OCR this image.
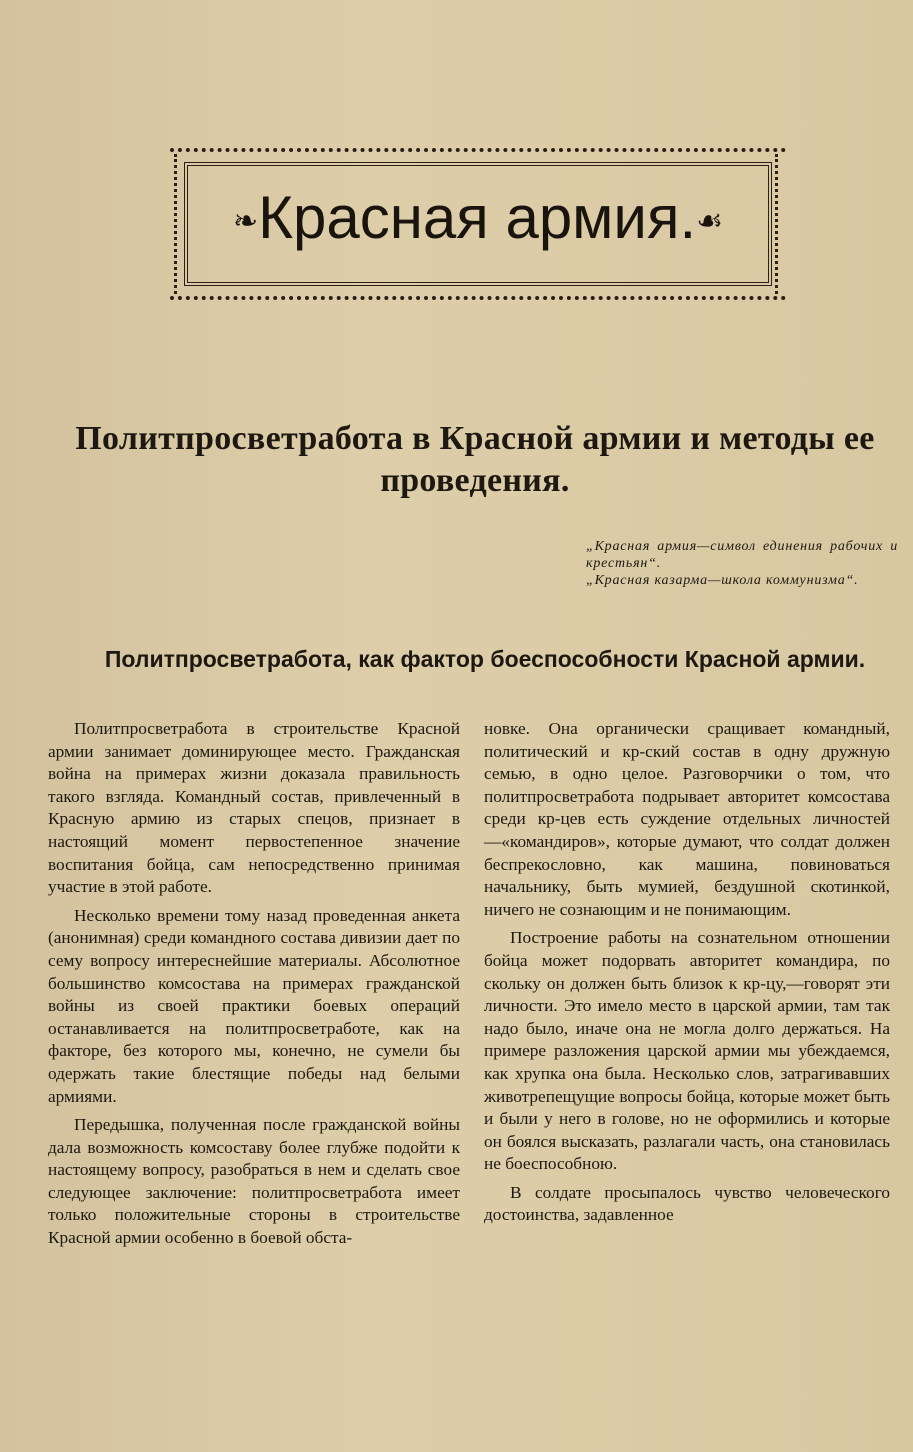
❧Красная армия.☙
Политпросветработа в Красной армии и методы ее проведения.

„Красная армия—символ единения рабочих и крестьян“.

„Красная казарма—школа коммунизма“.

Политпросветработа, как фактор боеспособности Красной армии.

Политпросветработа в строительстве Красной армии занимает доминирующее место. Гражданская война на примерах жизни доказала правильность такого взгляда. Командный состав, привлеченный в Красную армию из старых спецов, признает в настоящий момент первостепенное значение воспитания бойца, сам непосредственно принимая участие в этой работе.

Несколько времени тому назад проведенная анкета (анонимная) среди командного состава дивизии дает по сему вопросу интереснейшие материалы. Абсолютное большинство комсостава на примерах гражданской войны из своей практики боевых операций останавливается на политпросветработе, как на факторе, без которого мы, конечно, не сумели бы одержать такие блестящие победы над белыми армиями.

Передышка, полученная после гражданской войны дала возможность комсоставу более глубже подойти к настоящему вопросу, разобраться в нем и сделать свое следующее заключение: политпросветработа имеет только положительные стороны в строительстве Красной армии особенно в боевой обста-

новке. Она органически сращивает командный, политический и кр-ский состав в одну дружную семью, в одно целое. Разговорчики о том, что политпросветработа подрывает авторитет комсостава среди кр-цев есть суждение отдельных личностей—«командиров», которые думают, что солдат должен беспрекословно, как машина, повиноваться начальнику, быть мумией, бездушной скотинкой, ничего не сознающим и не понимающим.

Построение работы на сознательном отношении бойца может подорвать авторитет командира, по скольку он должен быть близок к кр-цу,—говорят эти личности. Это имело место в царской армии, там так надо было, иначе она не могла долго держаться. На примере разложения царской армии мы убеждаемся, как хрупка она была. Несколько слов, затрагивавших животрепещущие вопросы бойца, которые может быть и были у него в голове, но не оформились и которые он боялся высказать, разлагали часть, она становилась не боеспособною.

В солдате просыпалось чувство человеческого достоинства, задавленное
